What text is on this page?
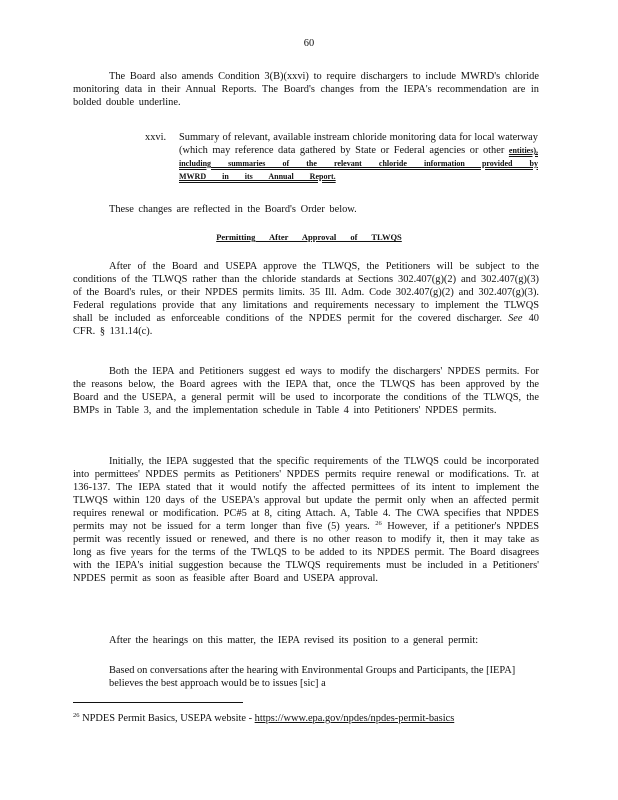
60

The Board also amends Condition 3(B)(xxvi) to require dischargers to include MWRD's chloride monitoring data in their Annual Reports. The Board's changes from the IEPA's recommendation are in bolded double underline.

xxvi.	Summary of relevant, available instream chloride monitoring data for local waterway (which may reference data gathered by State or Federal agencies or other entities), including summaries of the relevant chloride information provided by MWRD in its Annual Report.

These changes are reflected in the Board's Order below.

Permitting After Approval of TLWQS

After of the Board and USEPA approve the TLWQS, the Petitioners will be subject to the conditions of the TLWQS rather than the chloride standards at Sections 302.407(g)(2) and 302.407(g)(3) of the Board's rules, or their NPDES permits limits. 35 Ill. Adm. Code 302.407(g)(2) and 302.407(g)(3). Federal regulations provide that any limitations and requirements necessary to implement the TLWQS shall be included as enforceable conditions of the NPDES permit for the covered discharger. See 40 CFR. § 131.14(c).

Both the IEPA and Petitioners suggest ed ways to modify the dischargers' NPDES permits. For the reasons below, the Board agrees with the IEPA that, once the TLWQS has been approved by the Board and the USEPA, a general permit will be used to incorporate the conditions of the TLWQS, the BMPs in Table 3, and the implementation schedule in Table 4 into Petitioners' NPDES permits.

Initially, the IEPA suggested that the specific requirements of the TLWQS could be incorporated into permittees' NPDES permits as Petitioners' NPDES permits require renewal or modifications. Tr. at 136-137. The IEPA stated that it would notify the affected permittees of its intent to implement the TLWQS within 120 days of the USEPA's approval but update the permit only when an affected permit requires renewal or modification. PC#5 at 8, citing Attach. A, Table 4. The CWA specifies that NPDES permits may not be issued for a term longer than five (5) years. $^{26}$ However, if a petitioner's NPDES permit was recently issued or renewed, and there is no other reason to modify it, then it may take as long as five years for the terms of the TWLQS to be added to its NPDES permit. The Board disagrees with the IEPA's initial suggestion because the TLWQS requirements must be included in a Petitioners' NPDES permit as soon as feasible after Board and USEPA approval.

After the hearings on this matter, the IEPA revised its position to a general permit:

Based on conversations after the hearing with Environmental Groups and Participants, the [IEPA] believes the best approach would be to issues [sic] a

$^{26}$ NPDES Permit Basics, USEPA website - https://www.epa.gov/npdes/npdes-permit-basics
